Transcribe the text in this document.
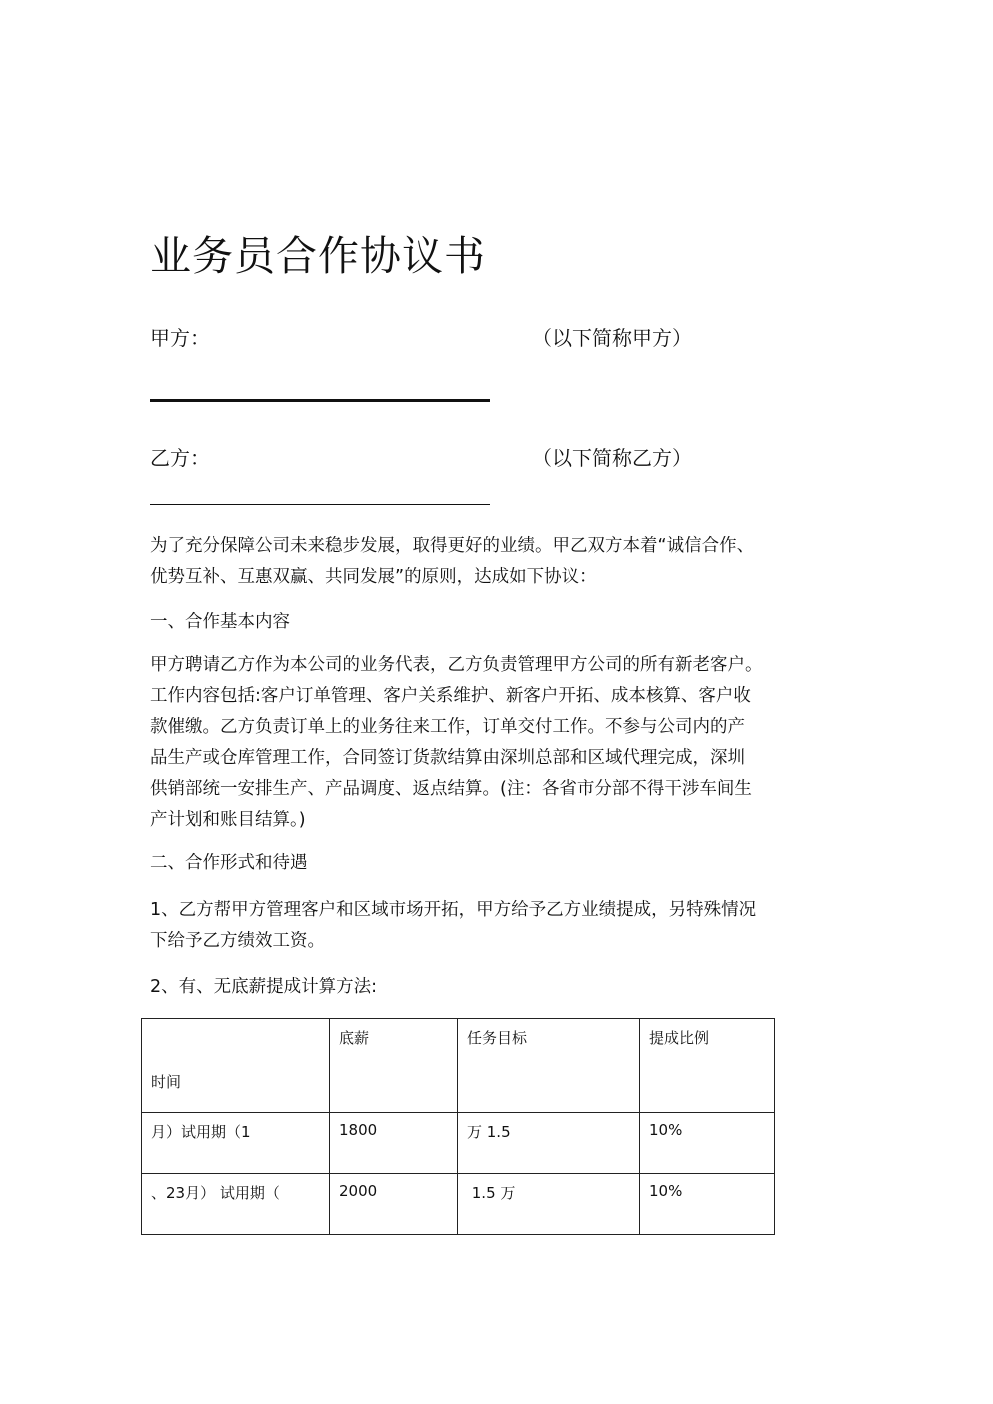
业务员合作协议书
甲方：	（以下简称甲方）
乙方：	（以下简称乙方）

为了充分保障公司未来稳步发展，取得更好的业绩。甲乙双方本着“诚信合作、
优势互补、互惠双赢、共同发展”的原则，达成如下协议：

一、合作基本内容

甲方聘请乙方作为本公司的业务代表，乙方负责管理甲方公司的所有新老客户。
工作内容包括:客户订单管理、客户关系维护、新客户开拓、成本核算、客户收
款催缴。乙方负责订单上的业务往来工作，订单交付工作。不参与公司内的产
品生产或仓库管理工作，合同签订货款结算由深圳总部和区域代理完成，深圳
供销部统一安排生产、产品调度、返点结算。(注：各省市分部不得干涉车间生
产计划和账目结算。)

二、合作形式和待遇

1、乙方帮甲方管理客户和区域市场开拓，甲方给予乙方业绩提成，另特殊情况
下给予乙方绩效工资。

2、有、无底薪提成计算方法:

时间	底薪	任务目标	提成比例
月）试用期（1	1800	万 1.5	10%
、23月） 试用期（	2000	1.5 万	10%
